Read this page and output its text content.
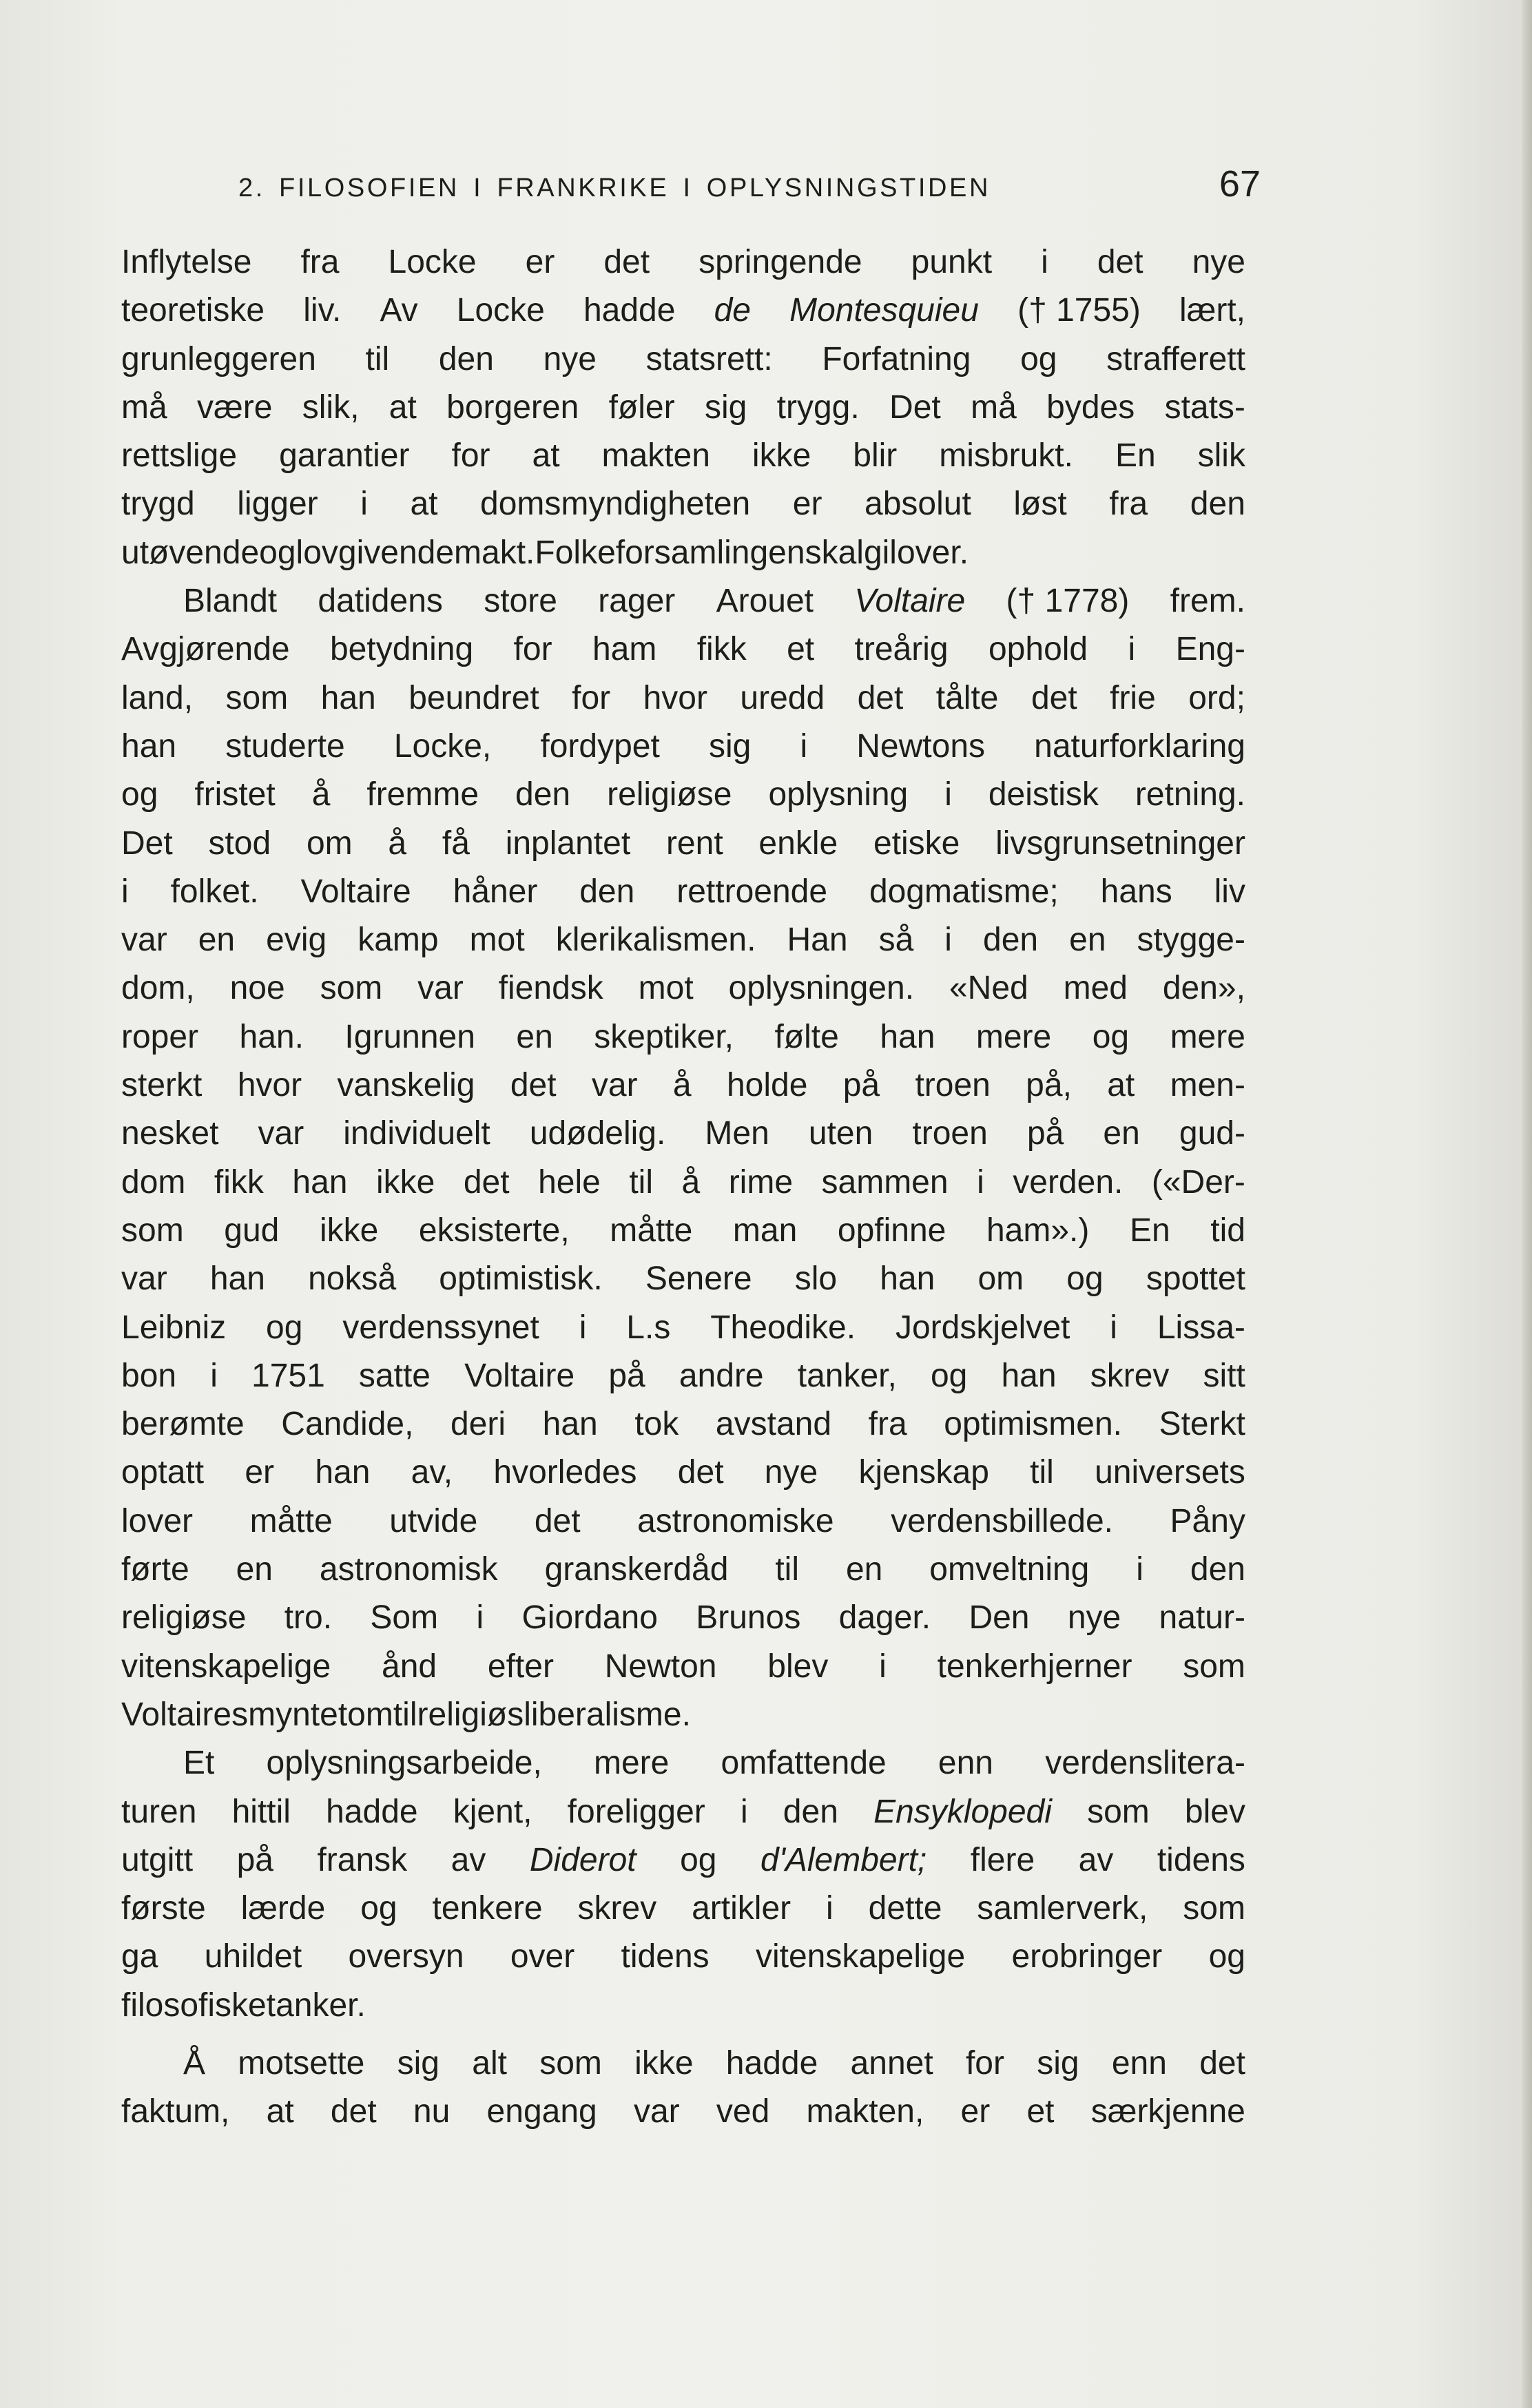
2. FILOSOFIEN I FRANKRIKE I OPLYSNINGSTIDEN	67
Inflytelse fra Locke er det springende punkt i det nye
teoretiske liv. Av Locke hadde de Montesquieu († 1755) lært,
grunleggeren til den nye statsrett: Forfatning og strafferett
må være slik, at borgeren føler sig trygg. Det må bydes stats-
rettslige garantier for at makten ikke blir misbrukt. En slik
trygd ligger i at domsmyndigheten er absolut løst fra den
utøvende og lovgivende makt. Folkeforsamlingen skal gi lover.
Blandt datidens store rager Arouet Voltaire († 1778) frem.
Avgjørende betydning for ham fikk et treårig ophold i Eng-
land, som han beundret for hvor uredd det tålte det frie ord;
han studerte Locke, fordypet sig i Newtons naturforklaring
og fristet å fremme den religiøse oplysning i deistisk retning.
Det stod om å få inplantet rent enkle etiske livsgrunsetninger
i folket. Voltaire håner den rettroende dogmatisme; hans liv
var en evig kamp mot klerikalismen. Han så i den en stygge-
dom, noe som var fiendsk mot oplysningen. «Ned med den»,
roper han. Igrunnen en skeptiker, følte han mere og mere
sterkt hvor vanskelig det var å holde på troen på, at men-
nesket var individuelt udødelig. Men uten troen på en gud-
dom fikk han ikke det hele til å rime sammen i verden. («Der-
som gud ikke eksisterte, måtte man opfinne ham».) En tid
var han nokså optimistisk. Senere slo han om og spottet
Leibniz og verdenssynet i L.s Theodike. Jordskjelvet i Lissa-
bon i 1751 satte Voltaire på andre tanker, og han skrev sitt
berømte Candide, deri han tok avstand fra optimismen. Sterkt
optatt er han av, hvorledes det nye kjenskap til universets
lover måtte utvide det astronomiske verdensbillede. Påny
førte en astronomisk granskerdåd til en omveltning i den
religiøse tro. Som i Giordano Brunos dager. Den nye natur-
vitenskapelige ånd efter Newton blev i tenkerhjerner som
Voltaires myntet om til religiøs liberalisme.
Et oplysningsarbeide, mere omfattende enn verdenslitera-
turen hittil hadde kjent, foreligger i den Ensyklopedi som blev
utgitt på fransk av Diderot og d'Alembert; flere av tidens
første lærde og tenkere skrev artikler i dette samlerverk, som
ga uhildet oversyn over tidens vitenskapelige erobringer og
filosofiske tanker.
Å motsette sig alt som ikke hadde annet for sig enn det
faktum, at det nu engang var ved makten, er et særkjenne
